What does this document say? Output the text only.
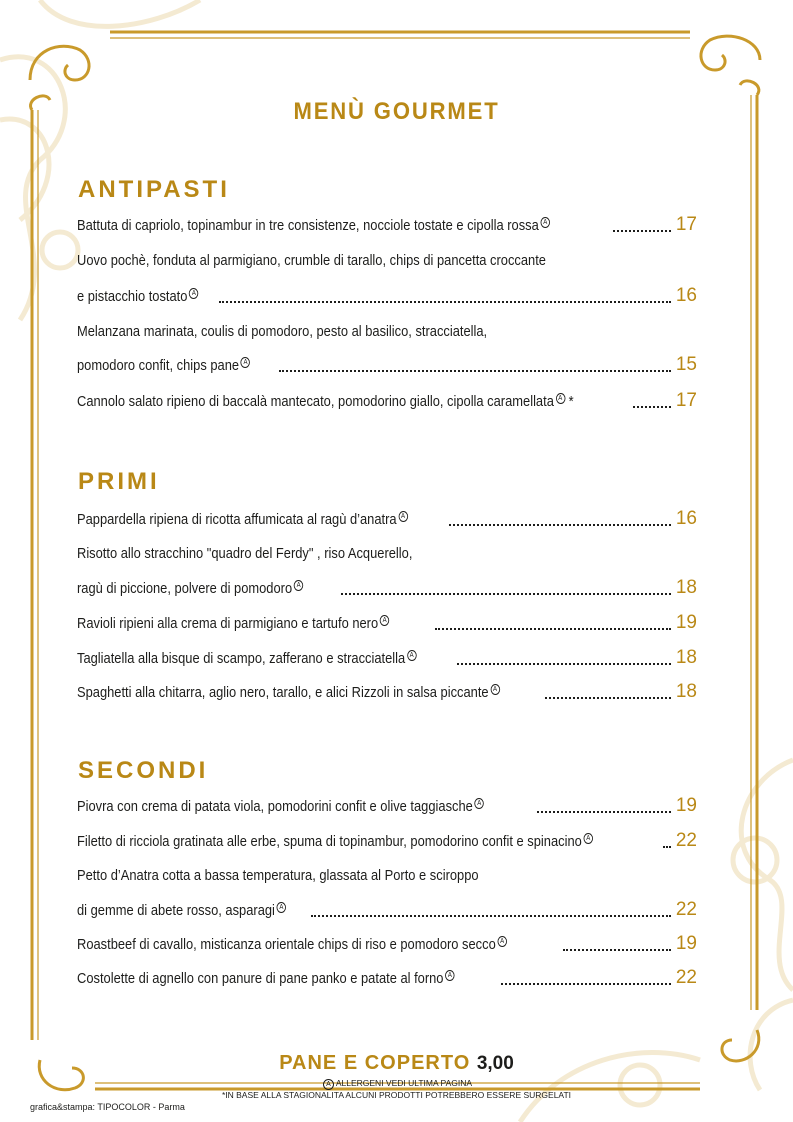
MENÙ GOURMET
ANTIPASTI
Battuta di capriolo, topinambur in tre consistenze, nocciole tostate e cipolla rossa A	17
Uovo pochè, fonduta al parmigiano, crumble di tarallo, chips di pancetta croccante
e pistacchio tostato A	16
Melanzana marinata, coulis di pomodoro, pesto al basilico, stracciatella,
pomodoro confit, chips pane A	15
Cannolo salato ripieno di baccalà mantecato, pomodorino giallo, cipolla caramellata A *	17
PRIMI
Pappardella ripiena di ricotta affumicata al ragù d’anatra A	16
Risotto allo stracchino "quadro del Ferdy" , riso Acquerello,
ragù di piccione, polvere di pomodoro A	18
Ravioli ripieni alla crema di parmigiano e tartufo nero A	19
Tagliatella alla bisque di scampo, zafferano e stracciatella A	18
Spaghetti alla chitarra, aglio nero, tarallo, e alici Rizzoli in salsa piccante A	18
SECONDI
Piovra con crema di patata viola, pomodorini confit e olive taggiasche A	19
Filetto di ricciola gratinata alle erbe, spuma di topinambur, pomodorino confit e spinacino A	22
Petto d’Anatra cotta a bassa temperatura, glassata al Porto e sciroppo
di gemme di abete rosso, asparagi A	22
Roastbeef di cavallo, misticanza orientale chips di riso e pomodoro secco A	19
Costolette di agnello con panure di pane panko e patate al forno A	22
PANE E COPERTO 3,00
A ALLERGENI VEDI ULTIMA PAGINA
*IN BASE ALLA STAGIONALITA ALCUNI PRODOTTI POTREBBERO ESSERE SURGELATI
grafica&stampa: TIPOCOLOR - Parma
